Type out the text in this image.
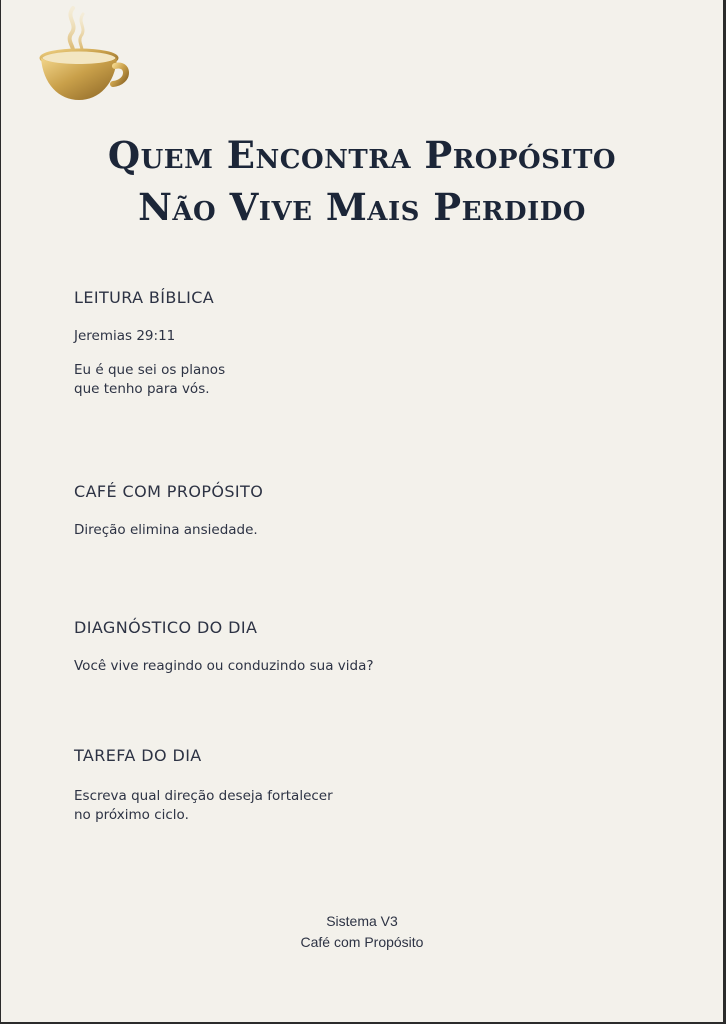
Quem Encontra Propósito
Não Vive Mais Perdido
LEITURA BÍBLICA
Jeremias 29:11
Eu é que sei os planos
que tenho para vós.
CAFÉ COM PROPÓSITO
Direção elimina ansiedade.
DIAGNÓSTICO DO DIA
Você vive reagindo ou conduzindo sua vida?
TAREFA DO DIA
Escreva qual direção deseja fortalecer
no próximo ciclo.
Sistema V3
Café com Propósito
